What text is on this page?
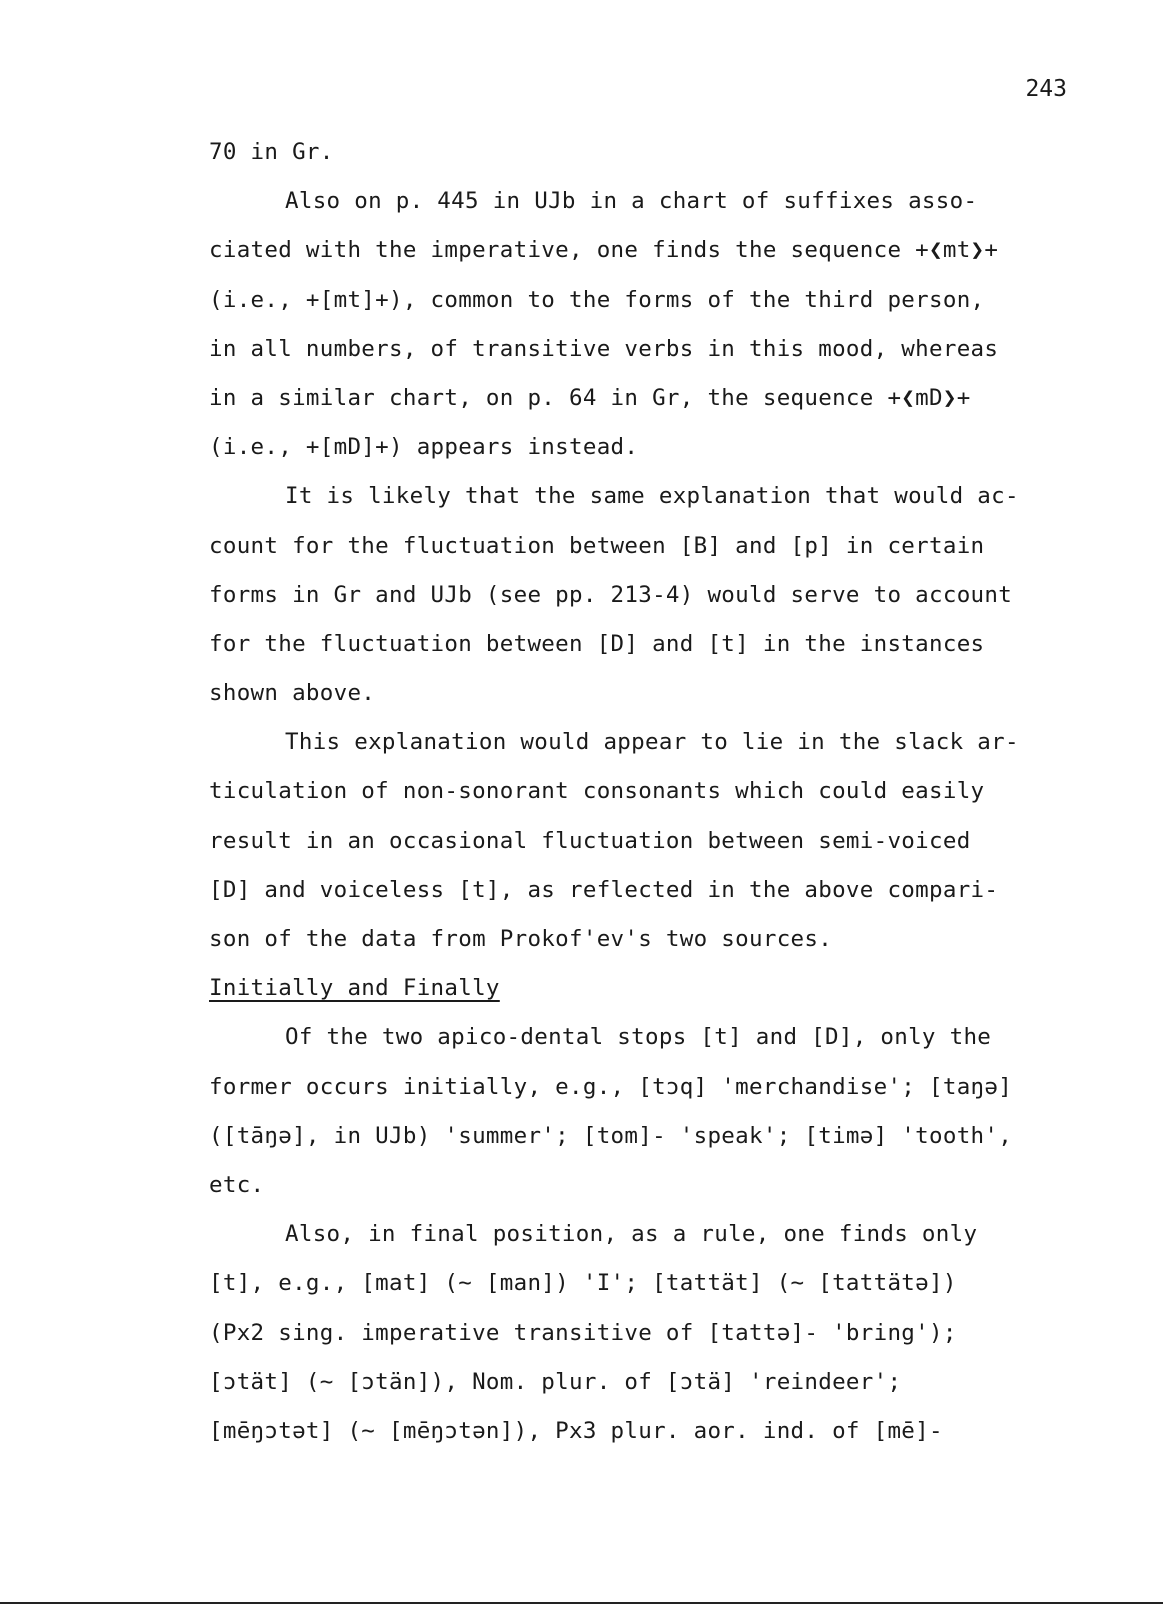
243
70 in Gr.
Also on p. 445 in UJb in a chart of suffixes asso-
ciated with the imperative, one finds the sequence +❮mt❯+
(i.e., +[mt]+), common to the forms of the third person,
in all numbers, of transitive verbs in this mood, whereas
in a similar chart, on p. 64 in Gr, the sequence +❮mD❯+
(i.e., +[mD]+) appears instead.
It is likely that the same explanation that would ac-
count for the fluctuation between [B] and [p] in certain
forms in Gr and UJb (see pp. 213-4) would serve to account
for the fluctuation between [D] and [t] in the instances
shown above.
This explanation would appear to lie in the slack ar-
ticulation of non-sonorant consonants which could easily
result in an occasional fluctuation between semi-voiced
[D] and voiceless [t], as reflected in the above compari-
son of the data from Prokof'ev's two sources.
Initially and Finally
Of the two apico-dental stops [t] and [D], only the
former occurs initially, e.g., [tɔq] 'merchandise'; [taŋə]
([tāŋə], in UJb) 'summer'; [tom]- 'speak'; [timə] 'tooth',
etc.
Also, in final position, as a rule, one finds only
[t], e.g., [mat] (~ [man]) 'I'; [tattät] (~ [tattätə])
(Px2 sing. imperative transitive of [tattə]- 'bring');
[ɔtät] (~ [ɔtän]), Nom. plur. of [ɔtä] 'reindeer';
[mēŋɔtət] (~ [mēŋɔtən]), Px3 plur. aor. ind. of [mē]-
